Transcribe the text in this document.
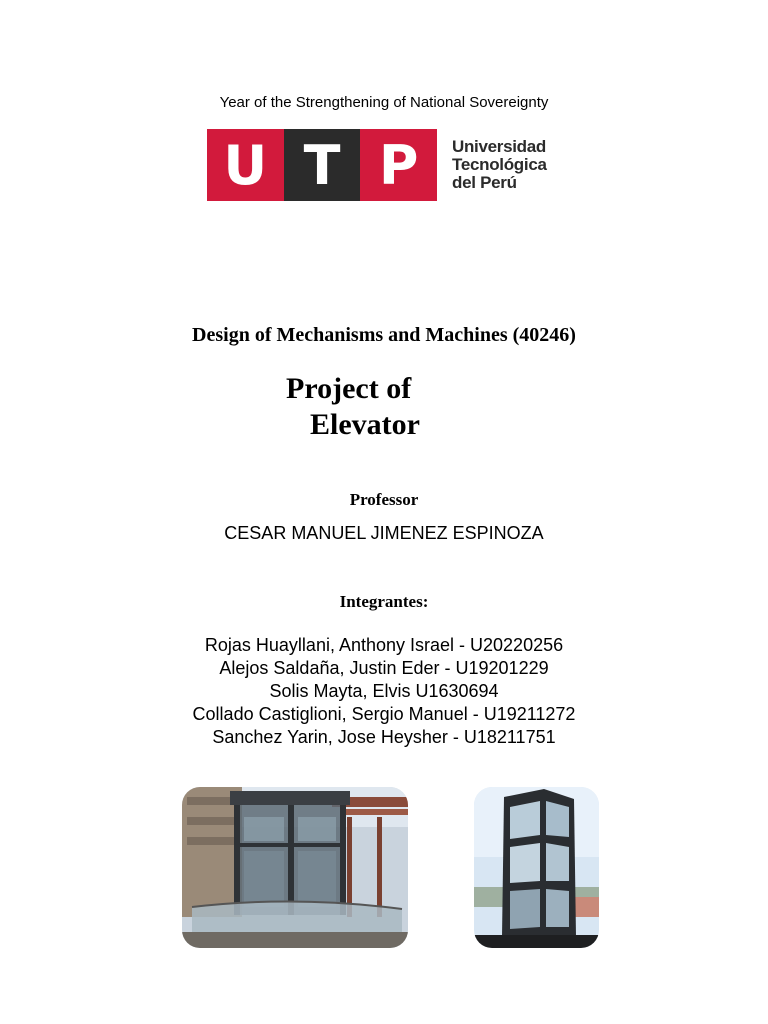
Year of the Strengthening of National Sovereignty
U T P	Universidad
Tecnológica
del Perú
Design of Mechanisms and Machines (40246)
Project of
Elevator
Professor
CESAR MANUEL JIMENEZ ESPINOZA
Integrantes:
Rojas Huayllani, Anthony Israel - U20220256
Alejos Saldaña, Justin Eder - U19201229
Solis Mayta, Elvis U1630694
Collado Castiglioni, Sergio Manuel - U19211272
Sanchez Yarin, Jose Heysher - U18211751
